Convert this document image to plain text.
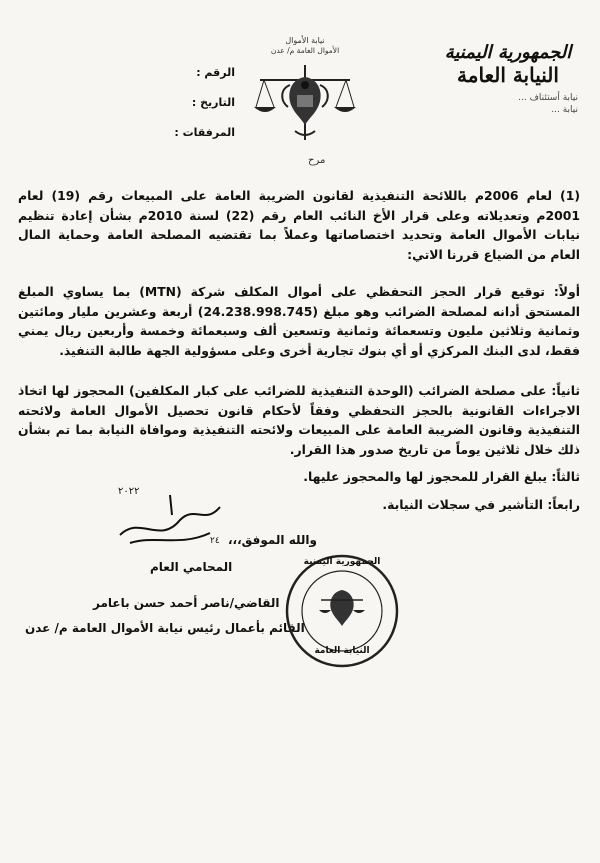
الجمهورية اليمنية
النيابة العامة
نيابة أستئناف ...
نيابة ...
نيابة الأموال
الأموال العامة م/ عدن
الرقم :
التاريخ :
المرفقات :
مرح

(1) لعام 2006م باللائحة التنفيذية لقانون الضريبة العامة على المبيعات رقم (19) لعام 2001م وتعديلاته وعلى قرار الأخ النائب العام رقم (22) لسنة 2010م بشأن إعادة تنظيم نيابات الأموال العامة وتحديد اختصاصاتها وعملاً بما تقتضيه المصلحة العامة وحماية المال العام من الضياع قررنا الاتي:

أولاً: توقيع قرار الحجز التحفظي على أموال المكلف شركة (MTN) بما يساوي المبلغ المستحق أدانه لمصلحة الضرائب وهو مبلغ (24.238.998.745) أربعة وعشرين مليار ومائتين وثمانية وثلاثين مليون وتسعمائة وثمانية وتسعين ألف وسبعمائة وخمسة وأربعين ريال يمني فقط، لدى البنك المركزي أو أي بنوك تجارية أخرى وعلى مسؤولية الجهة طالبة التنفيذ.

ثانياً: على مصلحة الضرائب (الوحدة التنفيذية للضرائب على كبار المكلفين) المحجوز لها اتخاذ الاجراءات القانونية بالحجز التحفظي وفقاً لأحكام قانون تحصيل الأموال العامة ولائحته التنفيذية وقانون الضريبة العامة على المبيعات ولائحته التنفيذية وموافاة النيابة بما تم بشأن ذلك خلال ثلاثين يوماً من تاريخ صدور هذا القرار.

ثالثاً: يبلغ القرار للمحجوز لها والمحجوز عليها.

رابعاً: التأشير في سجلات النيابة.

٢٠٢٢
٢٤ والله الموفق،،،
المحامي العام
القاضي/ناصر أحمد حسن باعامر
القائم بأعمال رئيس نيابة الأموال العامة م/ عدن
الجمهورية اليمنية
النيابة العامة
